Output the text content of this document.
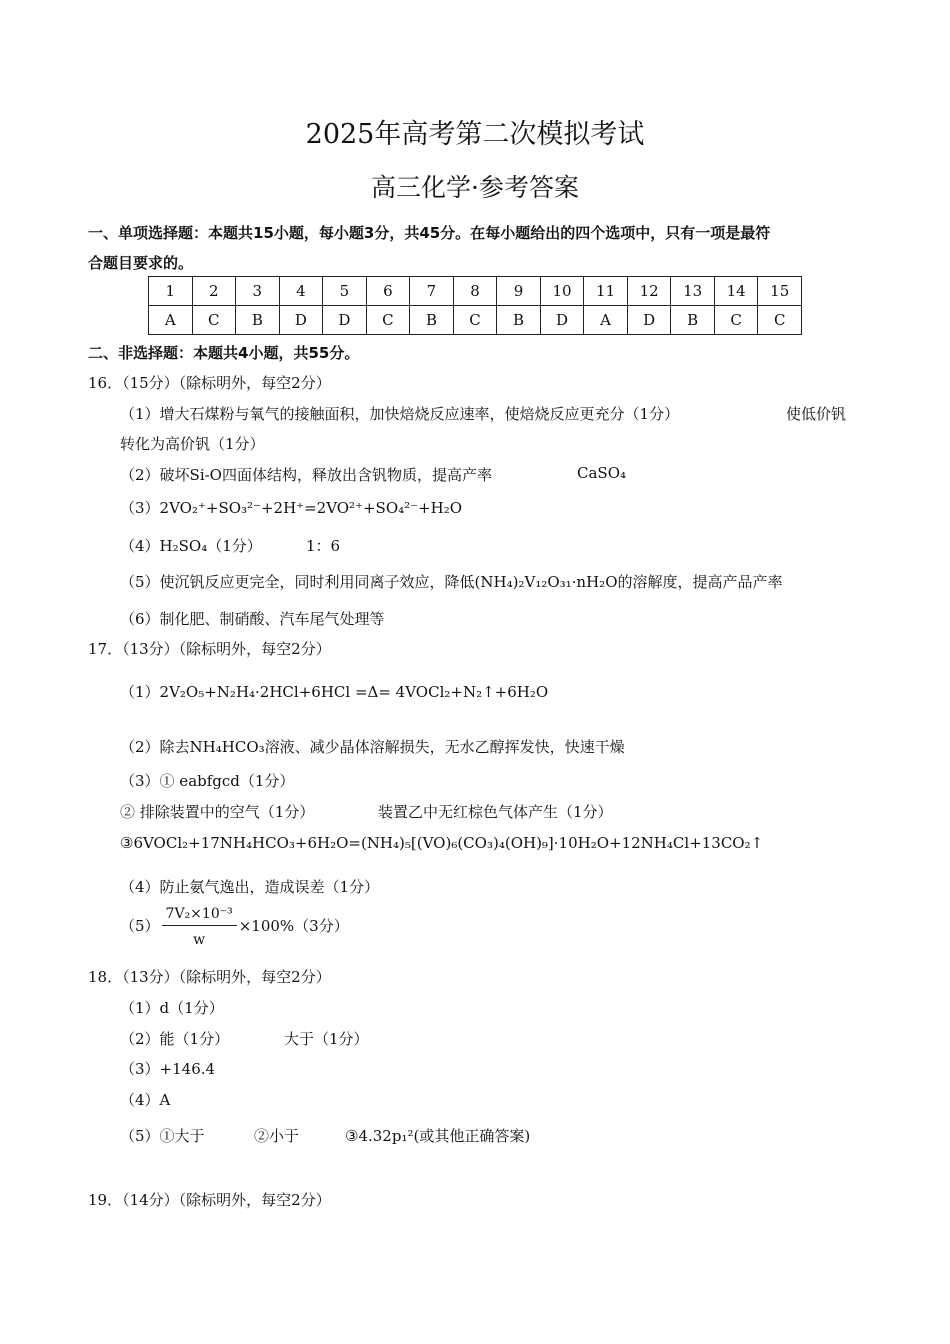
2025年高考第二次模拟考试
高三化学·参考答案
一、单项选择题：本题共15小题，每小题3分，共45分。在每小题给出的四个选项中，只有一项是最符
合题目要求的。
1	2	3	4	5	6	7	8	9	10	11	12	13	14	15
A	C	B	D	D	C	B	C	B	D	A	D	B	C	C
二、非选择题：本题共4小题，共55分。
16．（15分）（除标明外，每空2分）
（1）增大石煤粉与氧气的接触面积，加快焙烧反应速率，使焙烧反应更充分（1分）	使低价钒
转化为高价钒（1分）
（2）破坏Si-O四面体结构，释放出含钒物质，提高产率	CaSO₄
（3）2VO₂⁺+SO₃²⁻+2H⁺=2VO²⁺+SO₄²⁻+H₂O
（4）H₂SO₄（1分）	1：6
（5）使沉钒反应更完全，同时利用同离子效应，降低(NH₄)₂V₁₂O₃₁·nH₂O的溶解度，提高产品产率
（6）制化肥、制硝酸、汽车尾气处理等
17．（13分）（除标明外，每空2分）
（1）2V₂O₅+N₂H₄·2HCl+6HCl =Δ= 4VOCl₂+N₂↑+6H₂O
（2）除去NH₄HCO₃溶液、减少晶体溶解损失，无水乙醇挥发快，快速干燥
（3）① eabfgcd（1分）
② 排除装置中的空气（1分）	装置乙中无红棕色气体产生（1分）
③6VOCl₂+17NH₄HCO₃+6H₂O=(NH₄)₅[(VO)₆(CO₃)₄(OH)₉]·10H₂O+12NH₄Cl+13CO₂↑
（4）防止氨气逸出，造成误差（1分）
$(5) \frac{\text{7V₂×10⁻³}}{w} \times 100\%(3$分）
18．（13分）（除标明外，每空2分）
（1）d（1分）
（2）能（1分）	大于（1分）
（3）+146.4
（4）A
（5）①大于	②小于	③4.32p₁²(或其他正确答案)
19．（14分）（除标明外，每空2分）
